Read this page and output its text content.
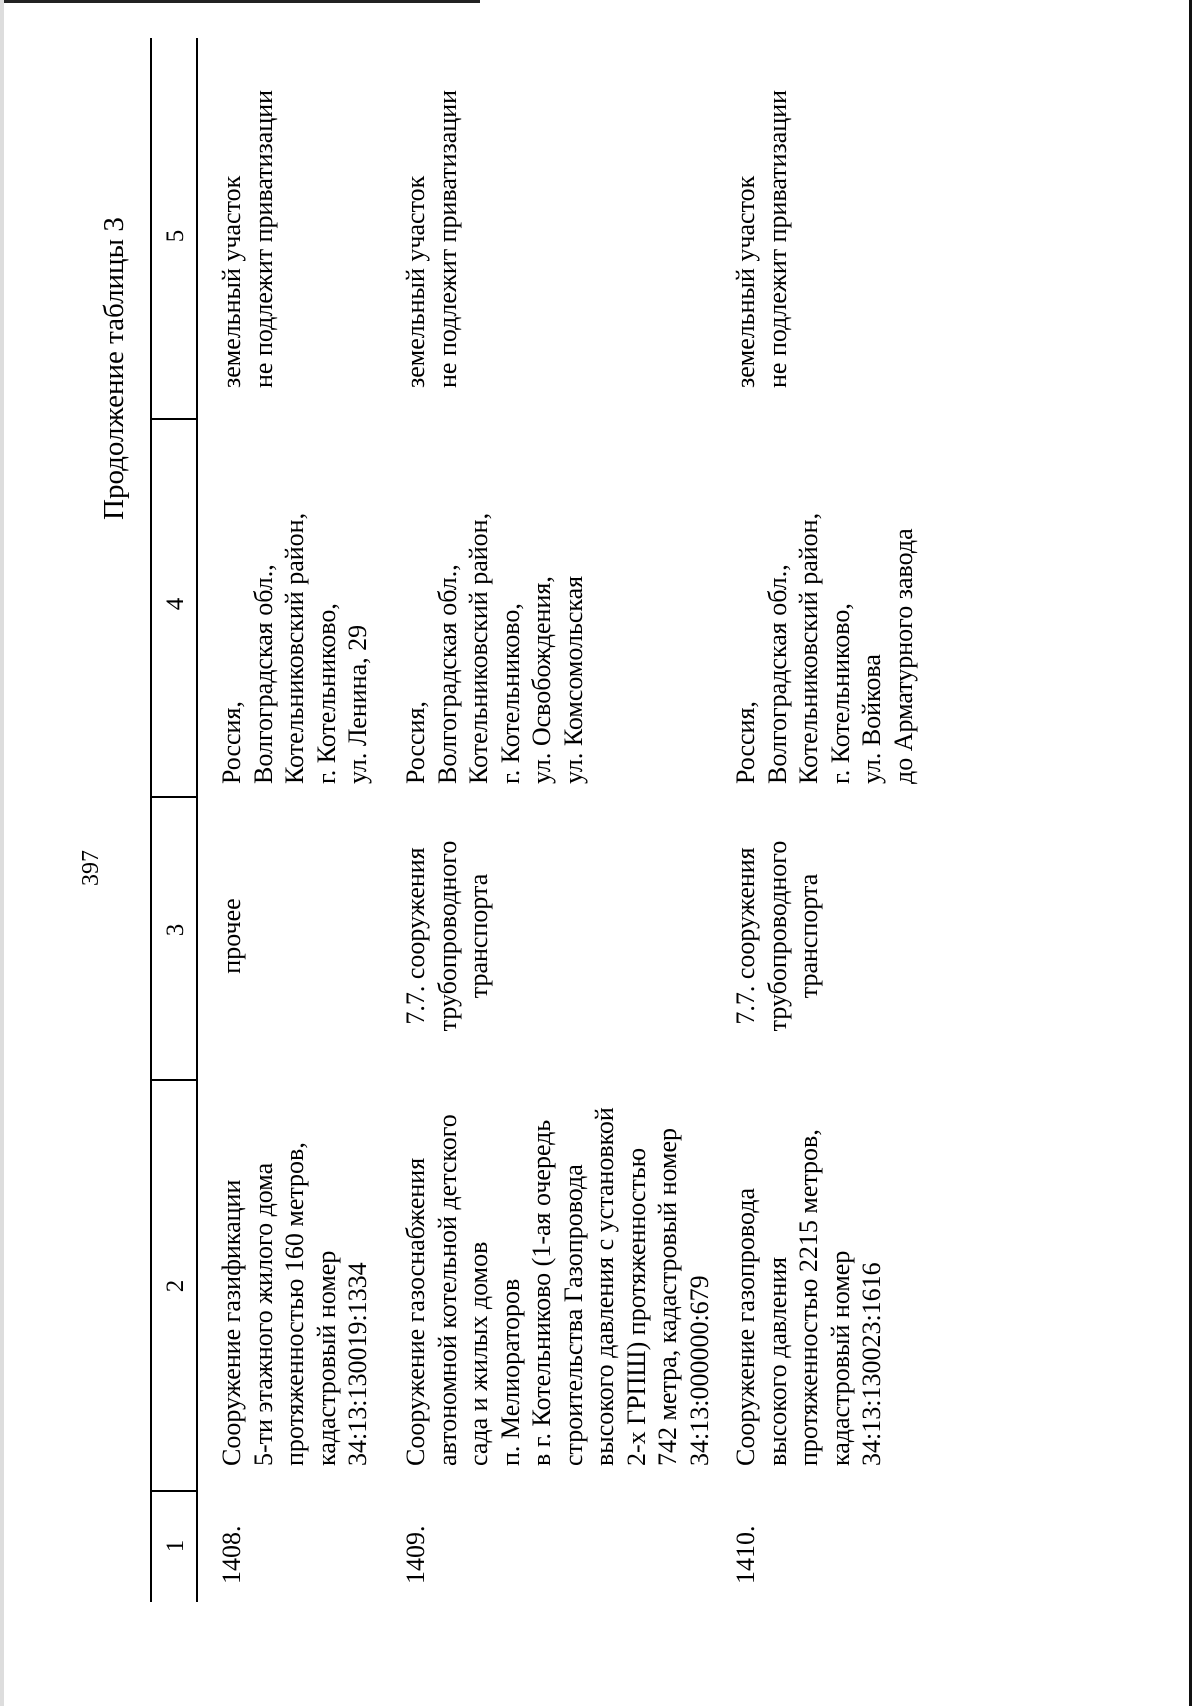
397
Продолжение таблицы 3
1
2
3
4
5
1408.
Сооружение газификации 5-ти этажного жилого дома протяженностью 160 метров, кадастровый номер 34:13:130019:1334
прочее
Россия, Волгоградская обл., Котельниковский район, г. Котельниково, ул. Ленина, 29
земельный участок не подлежит приватизации
1409.
Сооружение газоснабжения автономной котельной детского сада и жилых домов п. Мелиораторов в г. Котельниково (1-ая очередь строительства Газопровода высокого давления с установкой 2-х ГРПШ) протяженностью 742 метра, кадастровый номер 34:13:000000:679
7.7. сооружения трубопроводного транспорта
Россия, Волгоградская обл., Котельниковский район, г. Котельниково, ул. Освобождения, ул. Комсомольская
земельный участок не подлежит приватизации
1410.
Сооружение газопровода высокого давления протяженностью 2215 метров, кадастровый номер 34:13:130023:1616
7.7. сооружения трубопроводного транспорта
Россия, Волгоградская обл., Котельниковский район, г. Котельниково, ул. Войкова до Арматурного завода
земельный участок не подлежит приватизации
